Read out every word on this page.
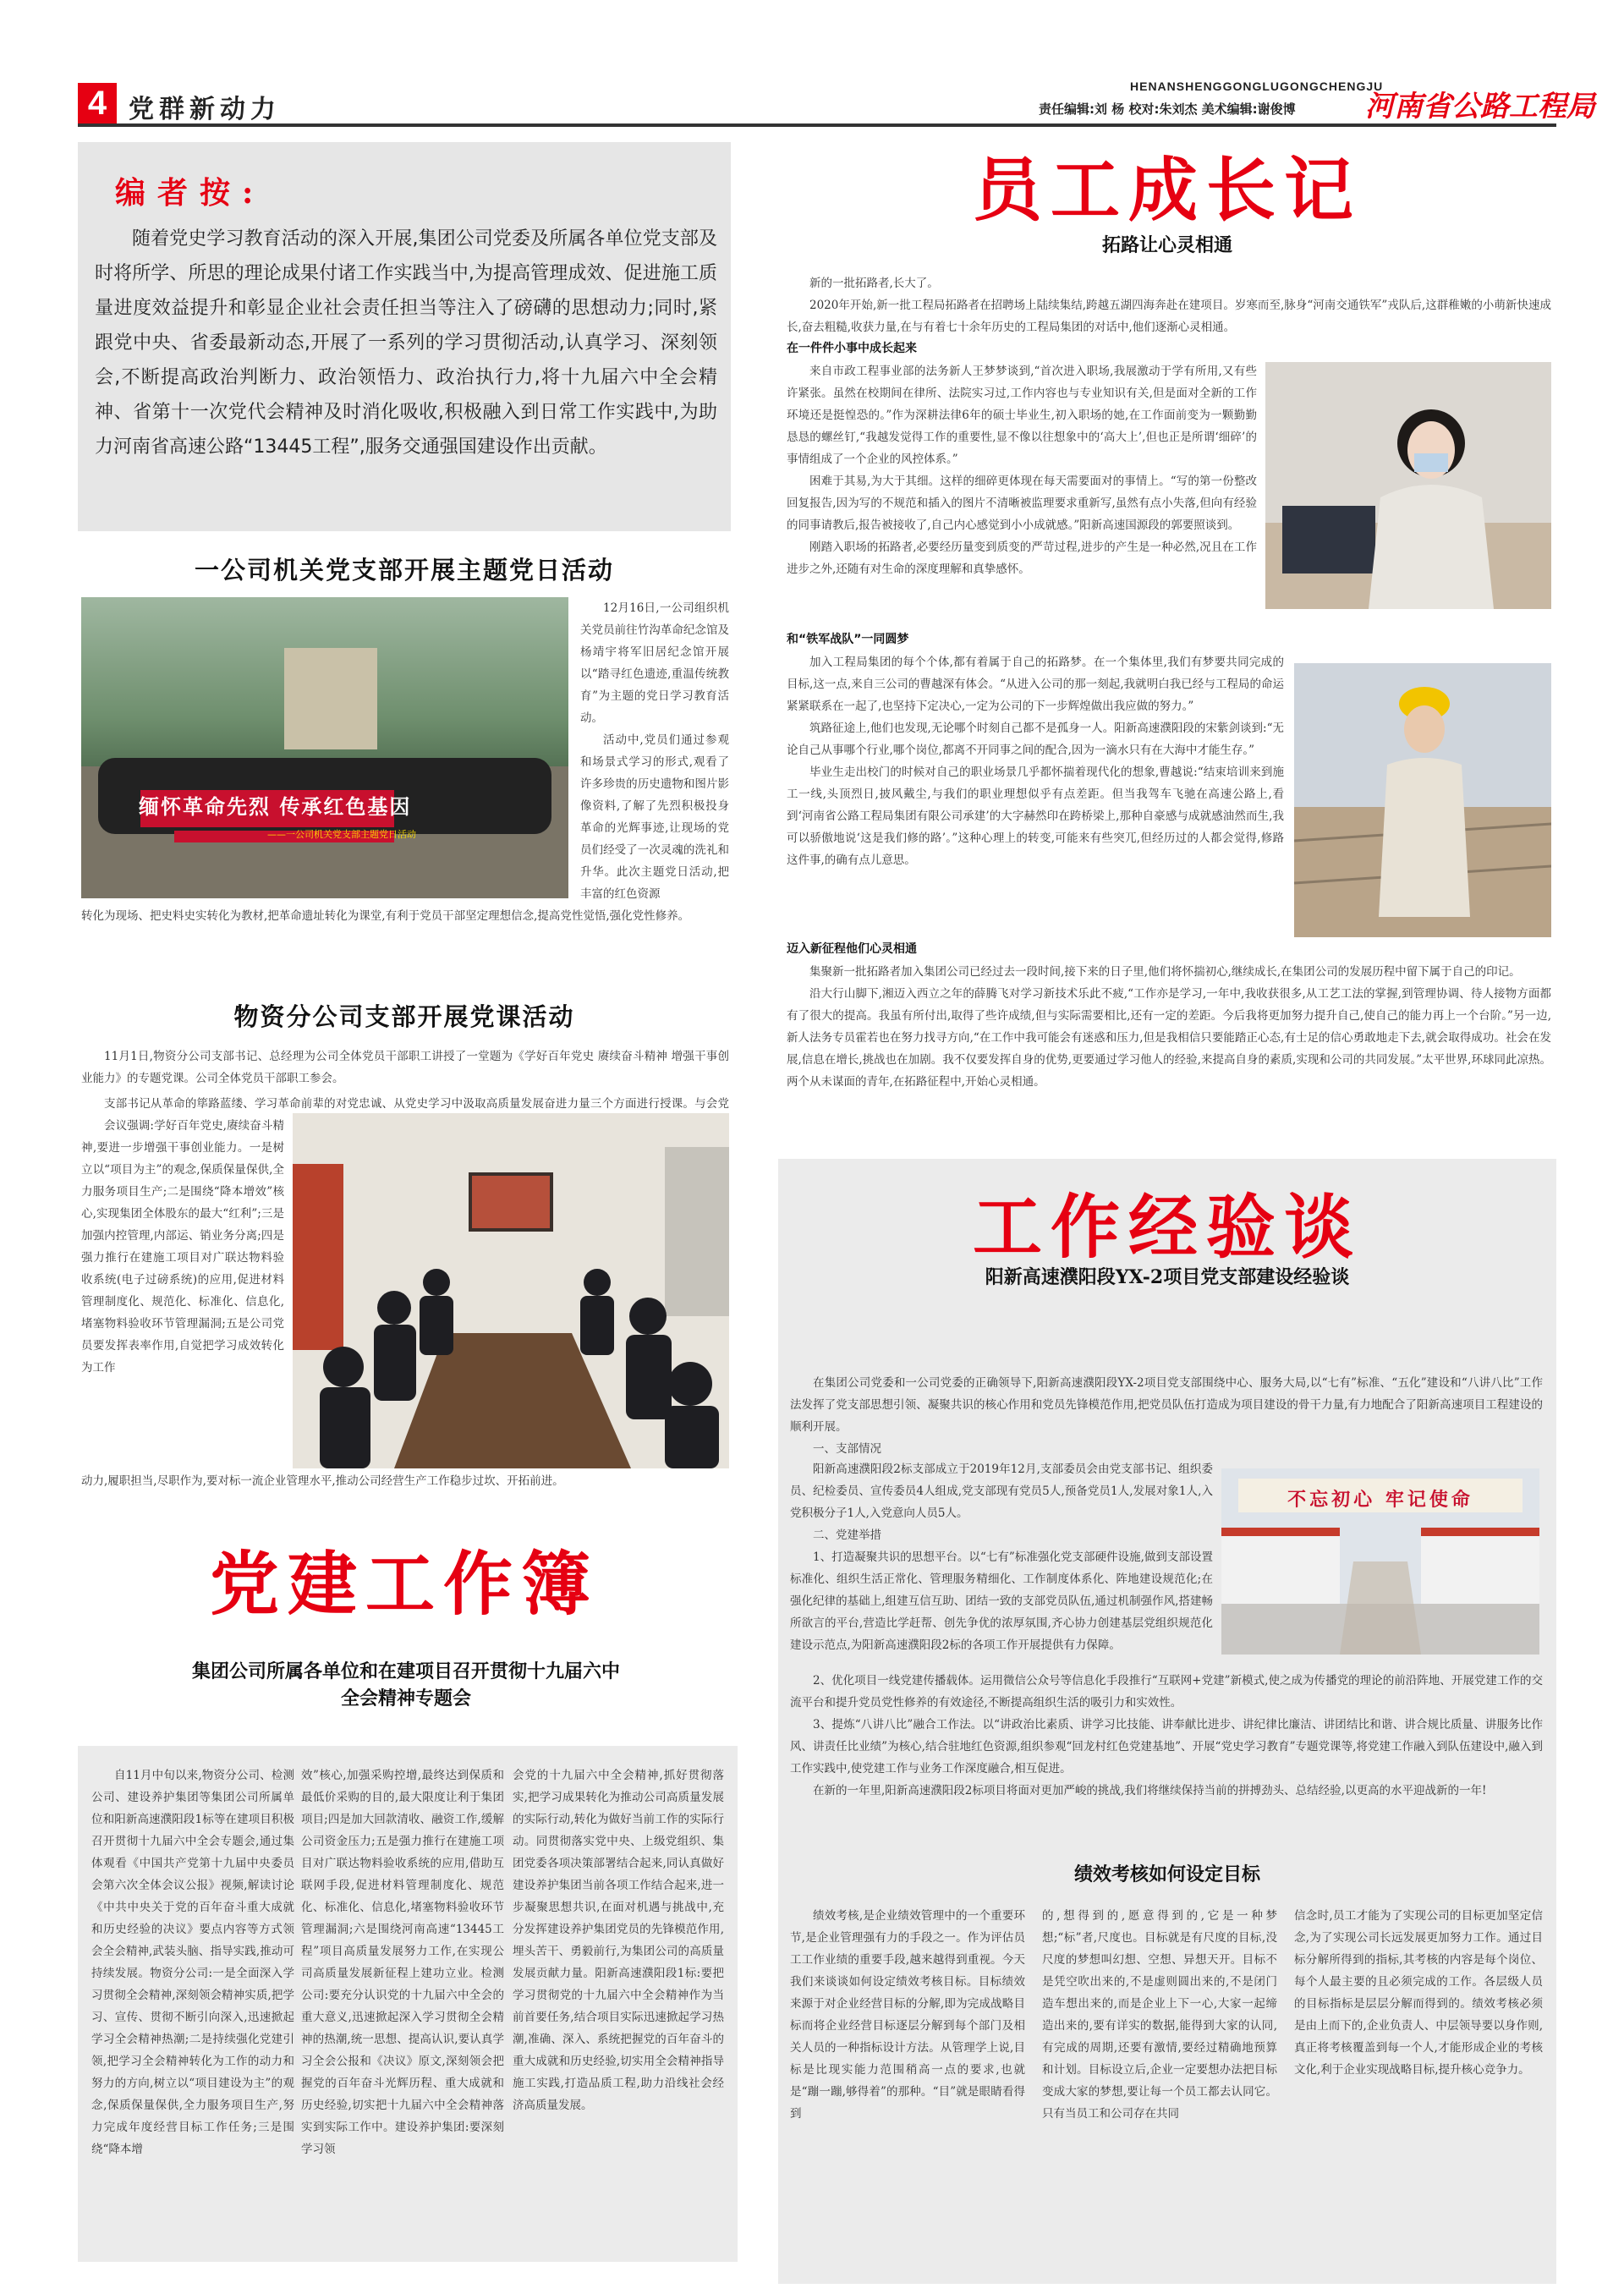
4 党群新动力
HENANSHENGGONGLUGONGCHENGJU
责任编辑:刘 杨 校对:朱刘杰 美术编辑:谢俊博 河南省公路工程局
编者按:
随着党史学习教育活动的深入开展,集团公司党委及所属各单位党支部及时将所学、所思的理论成果付诸工作实践当中,为提高管理成效、促进施工质量进度效益提升和彰显企业社会责任担当等注入了磅礴的思想动力;同时,紧跟党中央、省委最新动态,开展了一系列的学习贯彻活动,认真学习、深刻领会,不断提高政治判断力、政治领悟力、政治执行力,将十九届六中全会精神、省第十一次党代会精神及时消化吸收,积极融入到日常工作实践中,为助力河南省高速公路“13445工程”,服务交通强国建设作出贡献。
一公司机关党支部开展主题党日活动
缅怀革命先烈 传承红色基因
——一公司机关党支部主题党日活动

12月16日,一公司组织机关党员前往竹沟革命纪念馆及杨靖宇将军旧居纪念馆开展以“踏寻红色遗迹,重温传统教育”为主题的党日学习教育活动。

活动中,党员们通过参观和场景式学习的形式,观看了许多珍贵的历史遗物和图片影像资料,了解了先烈积极投身革命的光辉事迹,让现场的党员们经受了一次灵魂的洗礼和升华。此次主题党日活动,把丰富的红色资源

转化为现场、把史料史实转化为教材,把革命遗址转化为课堂,有利于党员干部坚定理想信念,提高党性觉悟,强化党性修养。
物资分公司支部开展党课活动

11月1日,物资分公司支部书记、总经理为公司全体党员干部职工讲授了一堂题为《学好百年党史 赓续奋斗精神 增强干事创业能力》的专题党课。公司全体党员干部职工参会。

支部书记从革命的筚路蓝缕、学习革命前辈的对党忠诚、从党史学习中汲取高质量发展奋进力量三个方面进行授课。与会党

会议强调:学好百年党史,赓续奋斗精神,要进一步增强干事创业能力。一是树立以“项目为主”的观念,保质保量保供,全力服务项目生产;二是围绕“降本增效”核心,实现集团全体股东的最大“红利”;三是加强内控管理,内部运、销业务分离;四是强力推行在建施工项目对广联达物料验收系统(电子过磅系统)的应用,促进材料管理制度化、规范化、标准化、信息化,堵塞物料验收环节管理漏洞;五是公司党员要发挥表率作用,自觉把学习成效转化为工作

动力,履职担当,尽职作为,要对标一流企业管理水平,推动公司经营生产工作稳步过坎、开拓前进。
党建工作簿
集团公司所属各单位和在建项目召开贯彻十九届六中全会精神专题会
自11月中旬以来,物资分公司、检测公司、建设养护集团等集团公司所属单位和阳新高速濮阳段1标等在建项目积极召开贯彻十九届六中全会专题会,通过集体观看《中国共产党第十九届中央委员会第六次全体会议公报》视频,解读讨论《中共中央关于党的百年奋斗重大成就和历史经验的决议》要点内容等方式领会全会精神,武装头脑、指导实践,推动可持续发展。物资分公司:一是全面深入学习贯彻全会精神,深刻领会精神实质,把学习、宣传、贯彻不断引向深入,迅速掀起学习全会精神热潮;二是持续强化党建引领,把学习全会精神转化为工作的动力和努力的方向,树立以“项目建设为主”的观念,保质保量保供,全力服务项目生产,努力完成年度经营目标工作任务;三是围绕“降本增
效”核心,加强采购控增,最终达到保质和最低价采购的目的,最大限度让利于集团项目;四是加大回款清收、融资工作,缓解公司资金压力;五是强力推行在建施工项目对广联达物料验收系统的应用,借助互联网手段,促进材料管理制度化、规范化、标准化、信息化,堵塞物料验收环节管理漏洞;六是围绕河南高速“13445工程”项目高质量发展努力工作,在实现公司高质量发展新征程上建功立业。检测公司:要充分认识党的十九届六中全会的重大意义,迅速掀起深入学习贯彻全会精神的热潮,统一思想、提高认识,要认真学习全会公报和《决议》原文,深刻领会把握党的百年奋斗光辉历程、重大成就和历史经验,切实把十九届六中全会精神落实到实际工作中。建设养护集团:要深刻学习领
会党的十九届六中全会精神,抓好贯彻落实,把学习成果转化为推动公司高质量发展的实际行动,转化为做好当前工作的实际行动。同贯彻落实党中央、上级党组织、集团党委各项决策部署结合起来,同认真做好建设养护集团当前各项工作结合起来,进一步凝聚思想共识,在面对机遇与挑战中,充分发挥建设养护集团党员的先锋模范作用,埋头苦干、勇毅前行,为集团公司的高质量发展贡献力量。阳新高速濮阳段1标:要把学习贯彻党的十九届六中全会精神作为当前首要任务,结合项目实际迅速掀起学习热潮,准确、深入、系统把握党的百年奋斗的重大成就和历史经验,切实用全会精神指导施工实践,打造品质工程,助力沿线社会经济高质量发展。
员工成长记
拓路让心灵相通

新的一批拓路者,长大了。

2020年开始,新一批工程局拓路者在招聘场上陆续集结,跨越五湖四海奔赴在建项目。岁寒而至,脉身“河南交通铁军”戎队后,这群稚嫩的小萌新快速成长,奋去粗糙,收获力量,在与有着七十余年历史的工程局集团的对话中,他们逐渐心灵相通。

在一件件小事中成长起来

来自市政工程事业部的法务新人王梦梦谈到,“首次进入职场,我展激动于学有所用,又有些许紧张。虽然在校期间在律所、法院实习过,工作内容也与专业知识有关,但是面对全新的工作环境还是挺惶恐的。”作为深耕法律6年的硕士毕业生,初入职场的她,在工作面前变为一颗勤勤恳恳的螺丝钉,“我越发觉得工作的重要性,显不像以往想象中的‘高大上’,但也正是所谓‘细碎’的事情组成了一个企业的风控体系。”

困难于其易,为大于其细。这样的细碎更体现在每天需要面对的事情上。“写的第一份整改回复报告,因为写的不规范和插入的图片不清晰被监理要求重新写,虽然有点小失落,但向有经验的同事请教后,报告被接收了,自己内心感觉到小小成就感。”阳新高速国源段的郭要照谈到。

刚踏入职场的拓路者,必要经历量变到质变的严苛过程,进步的产生是一种必然,况且在工作进步之外,还随有对生命的深度理解和真挚感怀。

和“铁军战队”一同圆梦

加入工程局集团的每个个体,都有着属于自己的拓路梦。在一个集体里,我们有梦要共同完成的目标,这一点,来自三公司的曹越深有体会。“从进入公司的那一刻起,我就明白我已经与工程局的命运紧紧联系在一起了,也坚持下定决心,一定为公司的下一步辉煌做出我应做的努力。”

筑路征途上,他们也发现,无论哪个时刻自己都不是孤身一人。阳新高速濮阳段的宋紫剑谈到:“无论自己从事哪个行业,哪个岗位,都离不开同事之间的配合,因为一滴水只有在大海中才能生存。”

毕业生走出校门的时候对自己的职业场景几乎都怀揣着现代化的想象,曹越说:“结束培训来到施工一线,头顶烈日,披风戴尘,与我们的职业理想似乎有点差距。但当我驾车飞驰在高速公路上,看到‘河南省公路工程局集团有限公司承建’的大字赫然印在跨桥梁上,那种自豪感与成就感油然而生,我可以骄傲地说‘这是我们修的路’。”这种心理上的转变,可能来有些突兀,但经历过的人都会觉得,修路这件事,的确有点儿意思。

迈入新征程他们心灵相通

集聚新一批拓路者加入集团公司已经过去一段时间,接下来的日子里,他们将怀揣初心,继续成长,在集团公司的发展历程中留下属于自己的印记。

沿大行山脚下,湘迈入西立之年的薛腾飞对学习新技术乐此不疲,“工作亦是学习,一年中,我收获很多,从工艺工法的掌握,到管理协调、待人接物方面都有了很大的提高。我虽有所付出,取得了些许成绩,但与实际需要相比,还有一定的差距。今后我将更加努力提升自己,使自己的能力再上一个台阶。”另一边,新人法务专员霍若也在努力找寻方向,“在工作中我可能会有迷惑和压力,但是我相信只要能踏正心态,有士足的信心勇敢地走下去,就会取得成功。社会在发展,信息在增长,挑战也在加剧。我不仅要发挥自身的优势,更要通过学习他人的经验,来提高自身的素质,实现和公司的共同发展。”太平世界,环球同此凉热。两个从未谋面的青年,在拓路征程中,开始心灵相通。

工作经验谈
阳新高速濮阳段YX-2项目党支部建设经验谈

在集团公司党委和一公司党委的正确领导下,阳新高速濮阳段YX-2项目党支部围绕中心、服务大局,以“七有”标准、“五化”建设和“八讲八比”工作法发挥了党支部思想引领、凝聚共识的核心作用和党员先锋模范作用,把党员队伍打造成为项目建设的骨干力量,有力地配合了阳新高速项目工程建设的顺利开展。

一、支部情况

阳新高速濮阳段2标支部成立于2019年12月,支部委员会由党支部书记、组织委员、纪检委员、宣传委员4人组成,党支部现有党员5人,预备党员1人,发展对象1人,入党积极分子1人,入党意向人员5人。

二、党建举措

1、打造凝聚共识的思想平台。以“七有”标准强化党支部硬件设施,做到支部设置标准化、组织生活正常化、管理服务精细化、工作制度体系化、阵地建设规范化;在强化纪律的基础上,组建互信互助、团结一致的支部党员队伍,通过机制强作风,搭建畅所欲言的平台,营造比学赶帮、创先争优的浓厚氛围,齐心协力创建基层党组织规范化建设示范点,为阳新高速濮阳段2标的各项工作开展提供有力保障。

不忘初心 牢记使命

2、优化项目一线党建传播载体。运用微信公众号等信息化手段推行“互联网+党建”新模式,使之成为传播党的理论的前沿阵地、开展党建工作的交流平台和提升党员党性修养的有效途径,不断提高组织生活的吸引力和实效性。

3、提炼“八讲八比”融合工作法。以“讲政治比素质、讲学习比技能、讲奉献比进步、讲纪律比廉洁、讲团结比和谐、讲合规比质量、讲服务比作风、讲责任比业绩”为核心,结合驻地红色资源,组织参观“回龙村红色党建基地”、开展“党史学习教育”专题党课等,将党建工作融入到队伍建设中,融入到工作实践中,使党建工作与业务工作深度融合,相互促进。

在新的一年里,阳新高速濮阳段2标项目将面对更加严峻的挑战,我们将继续保持当前的拼搏劲头、总结经验,以更高的水平迎战新的一年!

绩效考核如何设定目标
绩效考核,是企业绩效管理中的一个重要环节,是企业管理强有力的手段之一。作为评估员工工作业绩的重要手段,越来越得到重视。今天我们来谈谈如何设定绩效考核目标。目标绩效来源于对企业经营目标的分解,即为完成战略目标而将企业经营目标逐层分解到每个部门及相关人员的一种指标设计方法。从管理学上说,目标是比现实能力范围稍高一点的要求,也就是“蹦一蹦,够得着”的那种。“目”就是眼睛看得到
的,想得到的,愿意得到的,它是一种梦想;“标”者,尺度也。目标就是有尺度的目标,没尺度的梦想叫幻想、空想、异想天开。目标不是凭空吹出来的,不是虚则圆出来的,不是闭门造车想出来的,而是企业上下一心,大家一起缔造出来的,要有详实的数据,能得到大家的认同,有完成的周期,还要有激情,要经过精确地预算和计划。目标设立后,企业一定要想办法把目标变成大家的梦想,要让每一个员工都去认同它。只有当员工和公司存在共同
信念时,员工才能为了实现公司的目标更加坚定信念,为了实现公司长远发展更加努力工作。通过目标分解所得到的指标,其考核的内容是每个岗位、每个人最主要的且必须完成的工作。各层级人员的目标指标是层层分解而得到的。绩效考核必须是由上而下的,企业负责人、中层领导要以身作则,真正将考核覆盖到每一个人,才能形成企业的考核文化,利于企业实现战略目标,提升核心竞争力。
